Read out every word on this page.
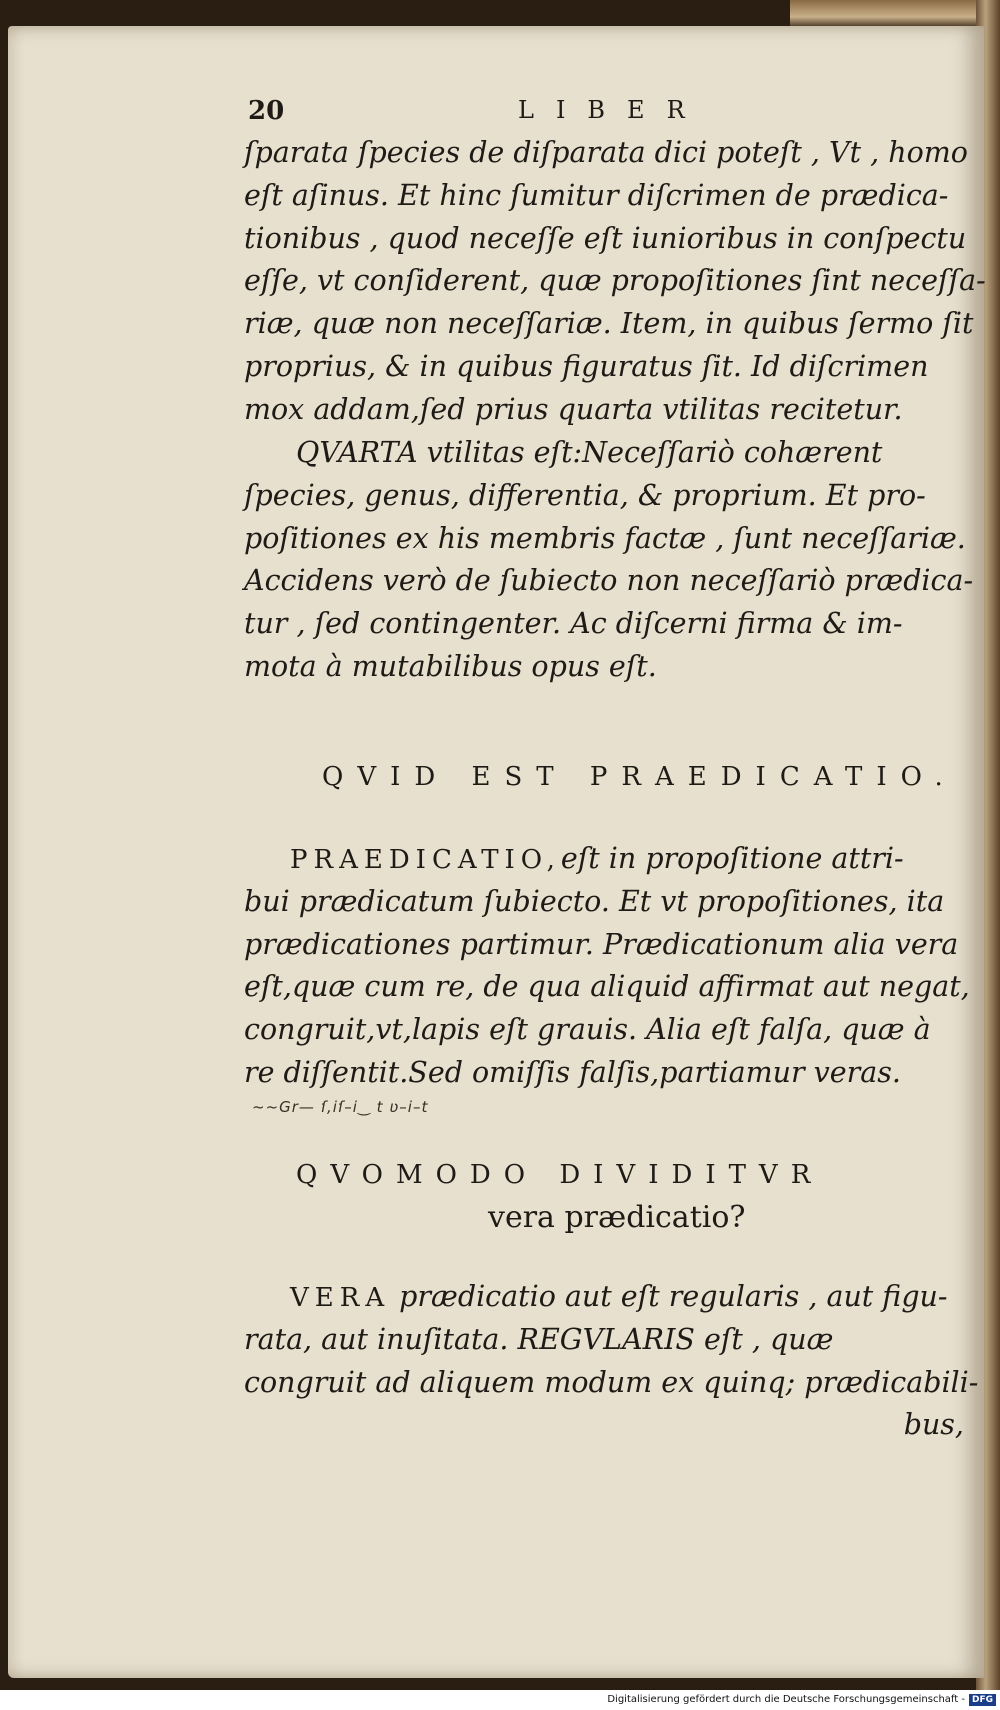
20	LIBER
ſparata ſpecies de diſparata dici poteſt , Vt , homo
eſt aſinus. Et hinc ſumitur diſcrimen de prædica-
tionibus , quod neceſſe eſt iunioribus in conſpectu
eſſe, vt conſiderent, quæ propoſitiones ſint neceſſa-
riæ, quæ non neceſſariæ. Item, in quibus ſermo ſit
proprius, & in quibus figuratus ſit. Id diſcrimen
mox addam,ſed prius quarta vtilitas recitetur.
QVARTA vtilitas eſt:Neceſſariò cohærent
ſpecies, genus, differentia, & proprium. Et pro-
poſitiones ex his membris factæ , ſunt neceſſariæ.
Accidens verò de ſubiecto non neceſſariò prædica-
tur , ſed contingenter. Ac diſcerni firma & im-
mota à mutabilibus opus eſt.
QVID EST PRAEDICATIO.
PRAEDICATIO,eſt in propoſitione attri-
bui prædicatum ſubiecto. Et vt propoſitiones, ita
prædicationes partimur. Prædicationum alia vera
eſt,quæ cum re, de qua aliquid affirmat aut negat,
congruit,vt,lapis eſt grauis. Alia eſt falſa, quæ à
re diſſentit.Sed omiſſis falſis,partiamur veras.
~~Gr— ſ,iſ–i‿ t ʋ–i–t
QVOMODO DIVIDITVR
vera prædicatio?
VERA prædicatio aut eſt regularis , aut figu-
rata, aut inuſitata. REGVLARIS eſt , quæ
congruit ad aliquem modum ex quinq; prædicabili-
bus,
Digitalisierung gefördert durch die Deutsche Forschungsgemeinschaft - DFG
